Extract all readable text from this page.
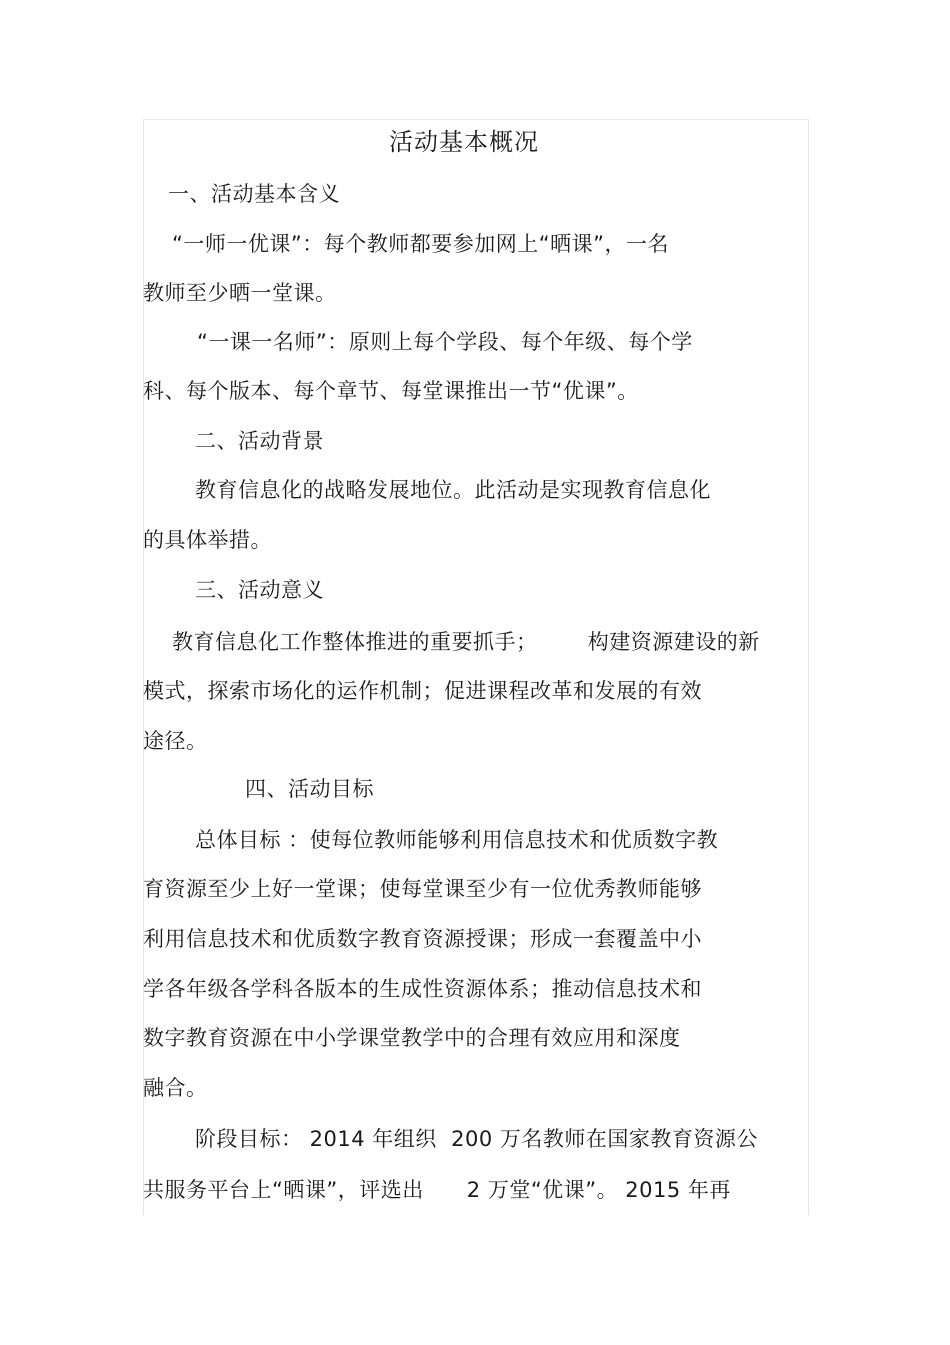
活动基本概况
一、活动基本含义
“一师一优课”：每个教师都要参加网上“晒课”，一名
教师至少晒一堂课。
“一课一名师”：原则上每个学段、每个年级、每个学
科、每个版本、每个章节、每堂课推出一节“优课”。
二、活动背景
教育信息化的战略发展地位。此活动是实现教育信息化
的具体举措。
三、活动意义
教育信息化工作整体推进的重要抓手；       构建资源建设的新
模式，探索市场化的运作机制；促进课程改革和发展的有效
途径。
四、活动目标
总体目标 ：使每位教师能够利用信息技术和优质数字教
育资源至少上好一堂课；使每堂课至少有一位优秀教师能够
利用信息技术和优质数字教育资源授课；形成一套覆盖中小
学各年级各学科各版本的生成性资源体系；推动信息技术和
数字教育资源在中小学课堂教学中的合理有效应用和深度
融合。
阶段目标： 2014 年组织  200 万名教师在国家教育资源公
共服务平台上“晒课”，评选出      2 万堂“优课”。 2015 年再
